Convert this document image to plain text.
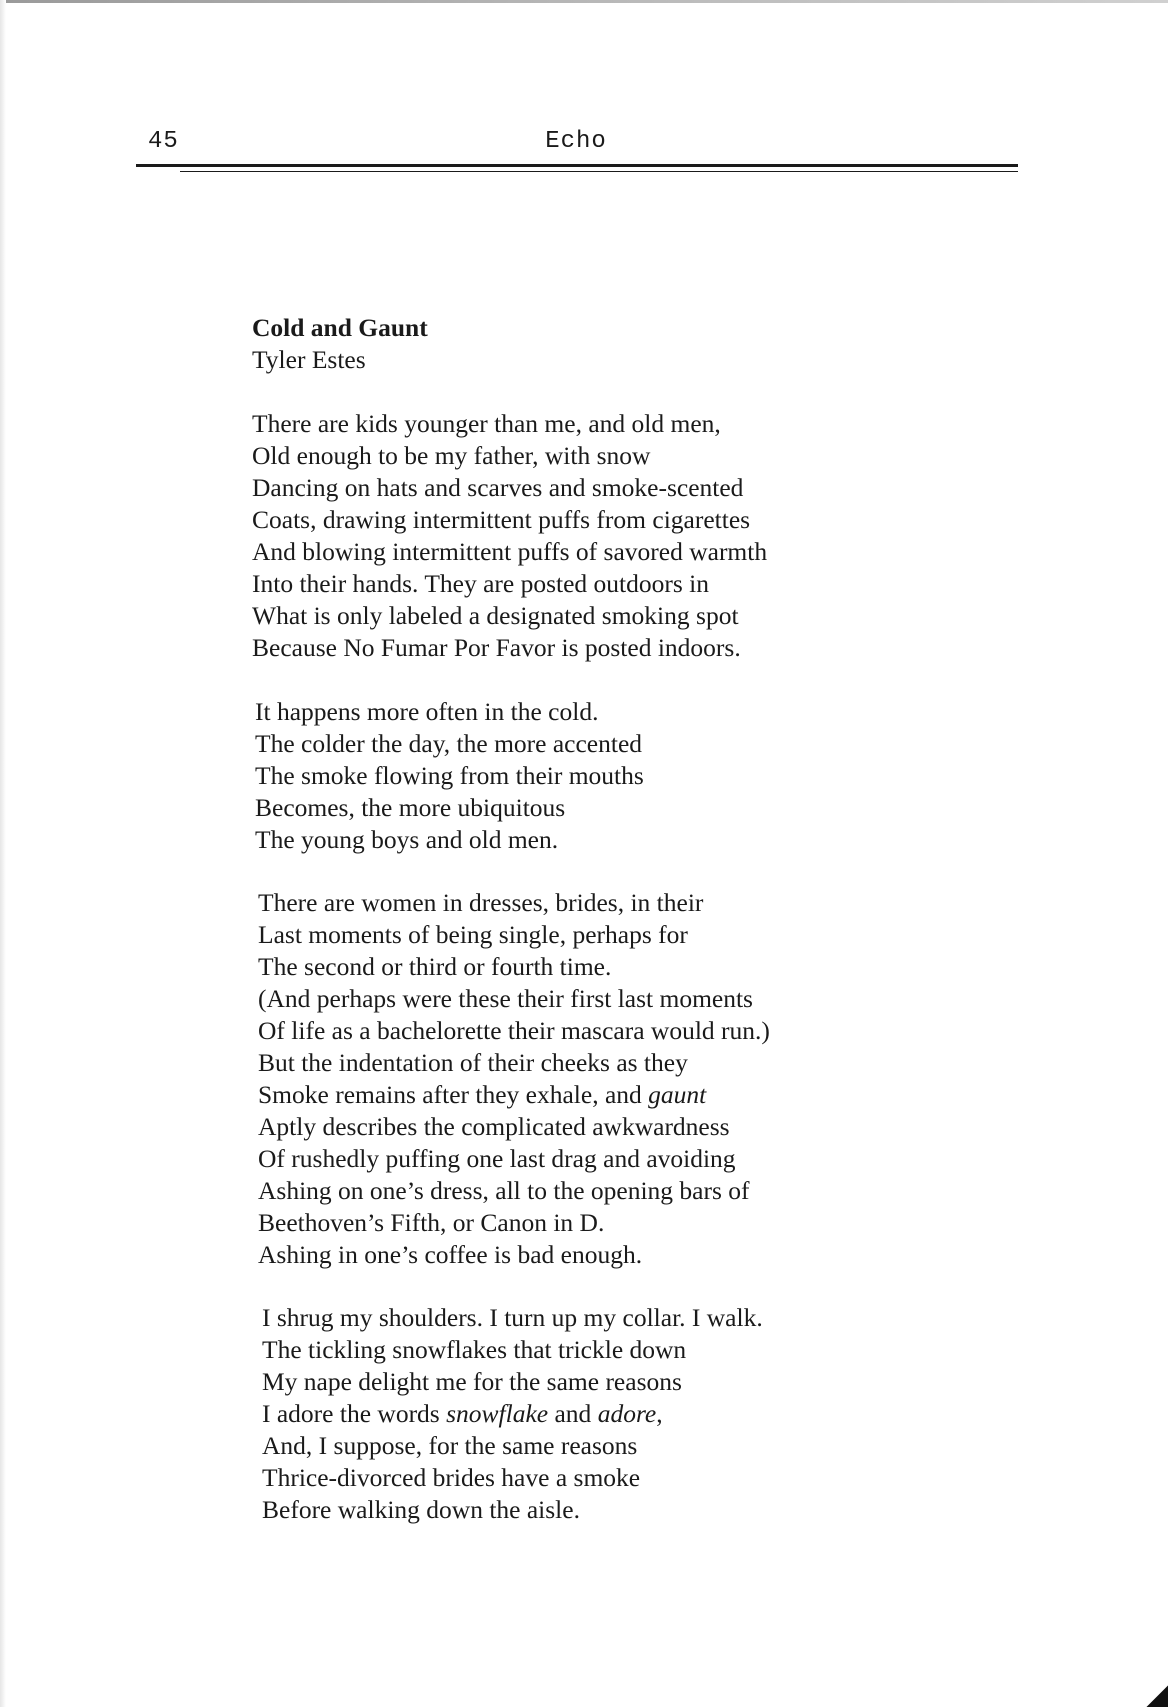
45	Echo
Cold and Gaunt
Tyler Estes
There are kids younger than me, and old men,
Old enough to be my father, with snow
Dancing on hats and scarves and smoke-scented
Coats, drawing intermittent puffs from cigarettes
And blowing intermittent puffs of savored warmth
Into their hands. They are posted outdoors in
What is only labeled a designated smoking spot
Because No Fumar Por Favor is posted indoors.
It happens more often in the cold.
The colder the day, the more accented
The smoke flowing from their mouths
Becomes, the more ubiquitous
The young boys and old men.
There are women in dresses, brides, in their
Last moments of being single, perhaps for
The second or third or fourth time.
(And perhaps were these their first last moments
Of life as a bachelorette their mascara would run.)
But the indentation of their cheeks as they
Smoke remains after they exhale, and gaunt
Aptly describes the complicated awkwardness
Of rushedly puffing one last drag and avoiding
Ashing on one’s dress, all to the opening bars of
Beethoven’s Fifth, or Canon in D.
Ashing in one’s coffee is bad enough.
I shrug my shoulders. I turn up my collar. I walk.
The tickling snowflakes that trickle down
My nape delight me for the same reasons
I adore the words snowflake and adore,
And, I suppose, for the same reasons
Thrice-divorced brides have a smoke
Before walking down the aisle.
